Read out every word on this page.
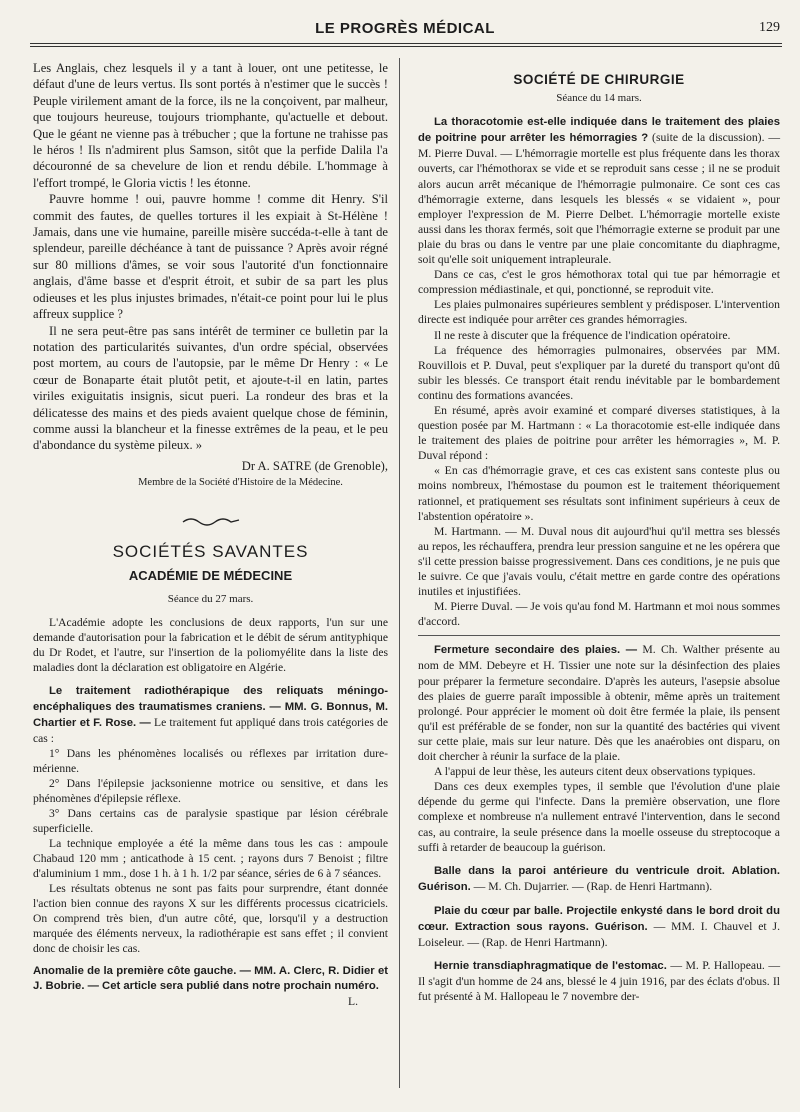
LE PROGRÈS MÉDICAL	129

Les Anglais, chez lesquels il y a tant à louer, ont une petitesse, le défaut d'une de leurs vertus. Ils sont portés à n'estimer que le succès ! Peuple virilement amant de la force, ils ne la conçoivent, par malheur, que toujours heureuse, toujours triomphante, qu'actuelle et debout. Que le géant ne vienne pas à trébucher ; que la fortune ne trahisse pas le héros ! Ils n'admirent plus Samson, sitôt que la perfide Dalila l'a découronné de sa chevelure de lion et rendu débile. L'hommage à l'effort trompé, le Gloria victis ! les étonne.

Pauvre homme ! oui, pauvre homme ! comme dit Henry. S'il commit des fautes, de quelles tortures il les expiait à St-Hélène ! Jamais, dans une vie humaine, pareille misère succéda-t-elle à tant de splendeur, pareille déchéance à tant de puissance ? Après avoir régné sur 80 millions d'âmes, se voir sous l'autorité d'un fonctionnaire anglais, d'âme basse et d'esprit étroit, et subir de sa part les plus odieuses et les plus injustes brimades, n'était-ce point pour lui le plus affreux supplice ?

Il ne sera peut-être pas sans intérêt de terminer ce bulletin par la notation des particularités suivantes, d'un ordre spécial, observées post mortem, au cours de l'autopsie, par le même Dr Henry : « Le cœur de Bonaparte était plutôt petit, et ajoute-t-il en latin, partes viriles exiguitatis insignis, sicut pueri. La rondeur des bras et la délicatesse des mains et des pieds avaient quelque chose de féminin, comme aussi la blancheur et la finesse extrêmes de la peau, et le peu d'abondance du système pileux. »

Dr A. SATRE (de Grenoble),
Membre de la Société d'Histoire de la Médecine.
SOCIÉTÉS SAVANTES
ACADÉMIE DE MÉDECINE
Séance du 27 mars.

L'Académie adopte les conclusions de deux rapports, l'un sur une demande d'autorisation pour la fabrication et le débit de sérum antityphique du Dr Rodet, et l'autre, sur l'insertion de la poliomyélite dans la liste des maladies dont la déclaration est obligatoire en Algérie.

Le traitement radiothérapique des reliquats méningo-encéphaliques des traumatismes craniens. — MM. G. Bonnus, M. Chartier et F. Rose. — Le traitement fut appliqué dans trois catégories de cas :

1° Dans les phénomènes localisés ou réflexes par irritation dure-mérienne.

2° Dans l'épilepsie jacksonienne motrice ou sensitive, et dans les phénomènes d'épilepsie réflexe.

3° Dans certains cas de paralysie spastique par lésion cérébrale superficielle.

La technique employée a été la même dans tous les cas : ampoule Chabaud 120 mm ; anticathode à 15 cent. ; rayons durs 7 Benoist ; filtre d'aluminium 1 mm., dose 1 h. à 1 h. 1/2 par séance, séries de 6 à 7 séances.

Les résultats obtenus ne sont pas faits pour surprendre, étant donnée l'action bien connue des rayons X sur les différents processus cicatriciels. On comprend très bien, d'un autre côté, que, lorsqu'il y a destruction marquée des éléments nerveux, la radiothérapie est sans effet ; il convient donc de choisir les cas.

Anomalie de la première côte gauche. — MM. A. Clerc, R. Didier et J. Bobrie. — Cet article sera publié dans notre prochain numéro.

L.
SOCIÉTÉ DE CHIRURGIE
Séance du 14 mars.

La thoracotomie est-elle indiquée dans le traitement des plaies de poitrine pour arrêter les hémorragies ? (suite de la discussion). — M. Pierre Duval. — L'hémorragie mortelle est plus fréquente dans les thorax ouverts, car l'hémothorax se vide et se reproduit sans cesse ; il ne se produit alors aucun arrêt mécanique de l'hémorragie pulmonaire. Ce sont ces cas d'hémorragie externe, dans lesquels les blessés « se vidaient », pour employer l'expression de M. Pierre Delbet. L'hémorragie mortelle existe aussi dans les thorax fermés, soit que l'hémorragie externe se produit par une plaie du bras ou dans le ventre par une plaie concomitante du diaphragme, soit qu'elle soit uniquement intrapleurale.

Dans ce cas, c'est le gros hémothorax total qui tue par hémorragie et compression médiastinale, et qui, ponctionné, se reproduit vite.

Les plaies pulmonaires supérieures semblent y prédisposer. L'intervention directe est indiquée pour arrêter ces grandes hémorragies.

Il ne reste à discuter que la fréquence de l'indication opératoire.

La fréquence des hémorragies pulmonaires, observées par MM. Rouvillois et P. Duval, peut s'expliquer par la dureté du transport qu'ont dû subir les blessés. Ce transport était rendu inévitable par le bombardement continu des formations avancées.

En résumé, après avoir examiné et comparé diverses statistiques, à la question posée par M. Hartmann : « La thoracotomie est-elle indiquée dans le traitement des plaies de poitrine pour arrêter les hémorragies », M. P. Duval répond :

« En cas d'hémorragie grave, et ces cas existent sans conteste plus ou moins nombreux, l'hémostase du poumon est le traitement théoriquement rationnel, et pratiquement ses résultats sont infiniment supérieurs à ceux de l'abstention opératoire ».

M. Hartmann. — M. Duval nous dit aujourd'hui qu'il mettra ses blessés au repos, les réchauffera, prendra leur pression sanguine et ne les opérera que s'il cette pression baisse progressivement. Dans ces conditions, je ne puis que le suivre. Ce que j'avais voulu, c'était mettre en garde contre des opérations inutiles et injustifiées.

M. Pierre Duval. — Je vois qu'au fond M. Hartmann et moi nous sommes d'accord.

Fermeture secondaire des plaies. — M. Ch. Walther présente au nom de MM. Debeyre et H. Tissier une note sur la désinfection des plaies pour préparer la fermeture secondaire. D'après les auteurs, l'asepsie absolue des plaies de guerre paraît impossible à obtenir, même après un traitement prolongé. Pour apprécier le moment où doit être fermée la plaie, ils pensent qu'il est préférable de se fonder, non sur la quantité des bactéries qui vivent sur cette plaie, mais sur leur nature. Dès que les anaérobies ont disparu, on doit chercher à réunir la surface de la plaie.

A l'appui de leur thèse, les auteurs citent deux observations typiques.

Dans ces deux exemples types, il semble que l'évolution d'une plaie dépende du germe qui l'infecte. Dans la première observation, une flore complexe et nombreuse n'a nullement entravé l'intervention, dans le second cas, au contraire, la seule présence dans la moelle osseuse du streptocoque a suffi à retarder de beaucoup la guérison.

Balle dans la paroi antérieure du ventricule droit. Ablation. Guérison. — M. Ch. Dujarrier. — (Rap. de Henri Hartmann).

Plaie du cœur par balle. Projectile enkysté dans le bord droit du cœur. Extraction sous rayons. Guérison. — MM. I. Chauvel et J. Loiseleur. — (Rap. de Henri Hartmann).

Hernie transdiaphragmatique de l'estomac. — M. P. Hallopeau. — Il s'agit d'un homme de 24 ans, blessé le 4 juin 1916, par des éclats d'obus. Il fut présenté à M. Hallopeau le 7 novembre der-
